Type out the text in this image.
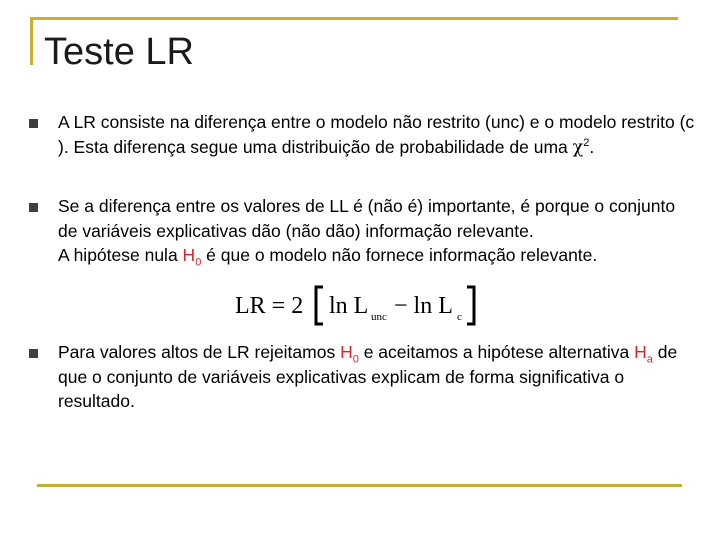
Teste LR
A LR consiste na diferença entre o modelo não restrito (unc) e o modelo restrito (c ). Esta diferença segue uma distribuição de probabilidade de uma $\chi^2$.
Se a diferença entre os valores de LL é (não é) importante, é porque o conjunto de variáveis explicativas dão (não dão) informação relevante.
A hipótese nula $H_0$ é que o modelo não fornece informação relevante.
LR = 2 ln L unc − ln L c
Para valores altos de LR rejeitamos $H_0$ e aceitamos a hipótese alternativa $H_a$ de que o conjunto de variáveis explicativas explicam de forma significativa o resultado.
